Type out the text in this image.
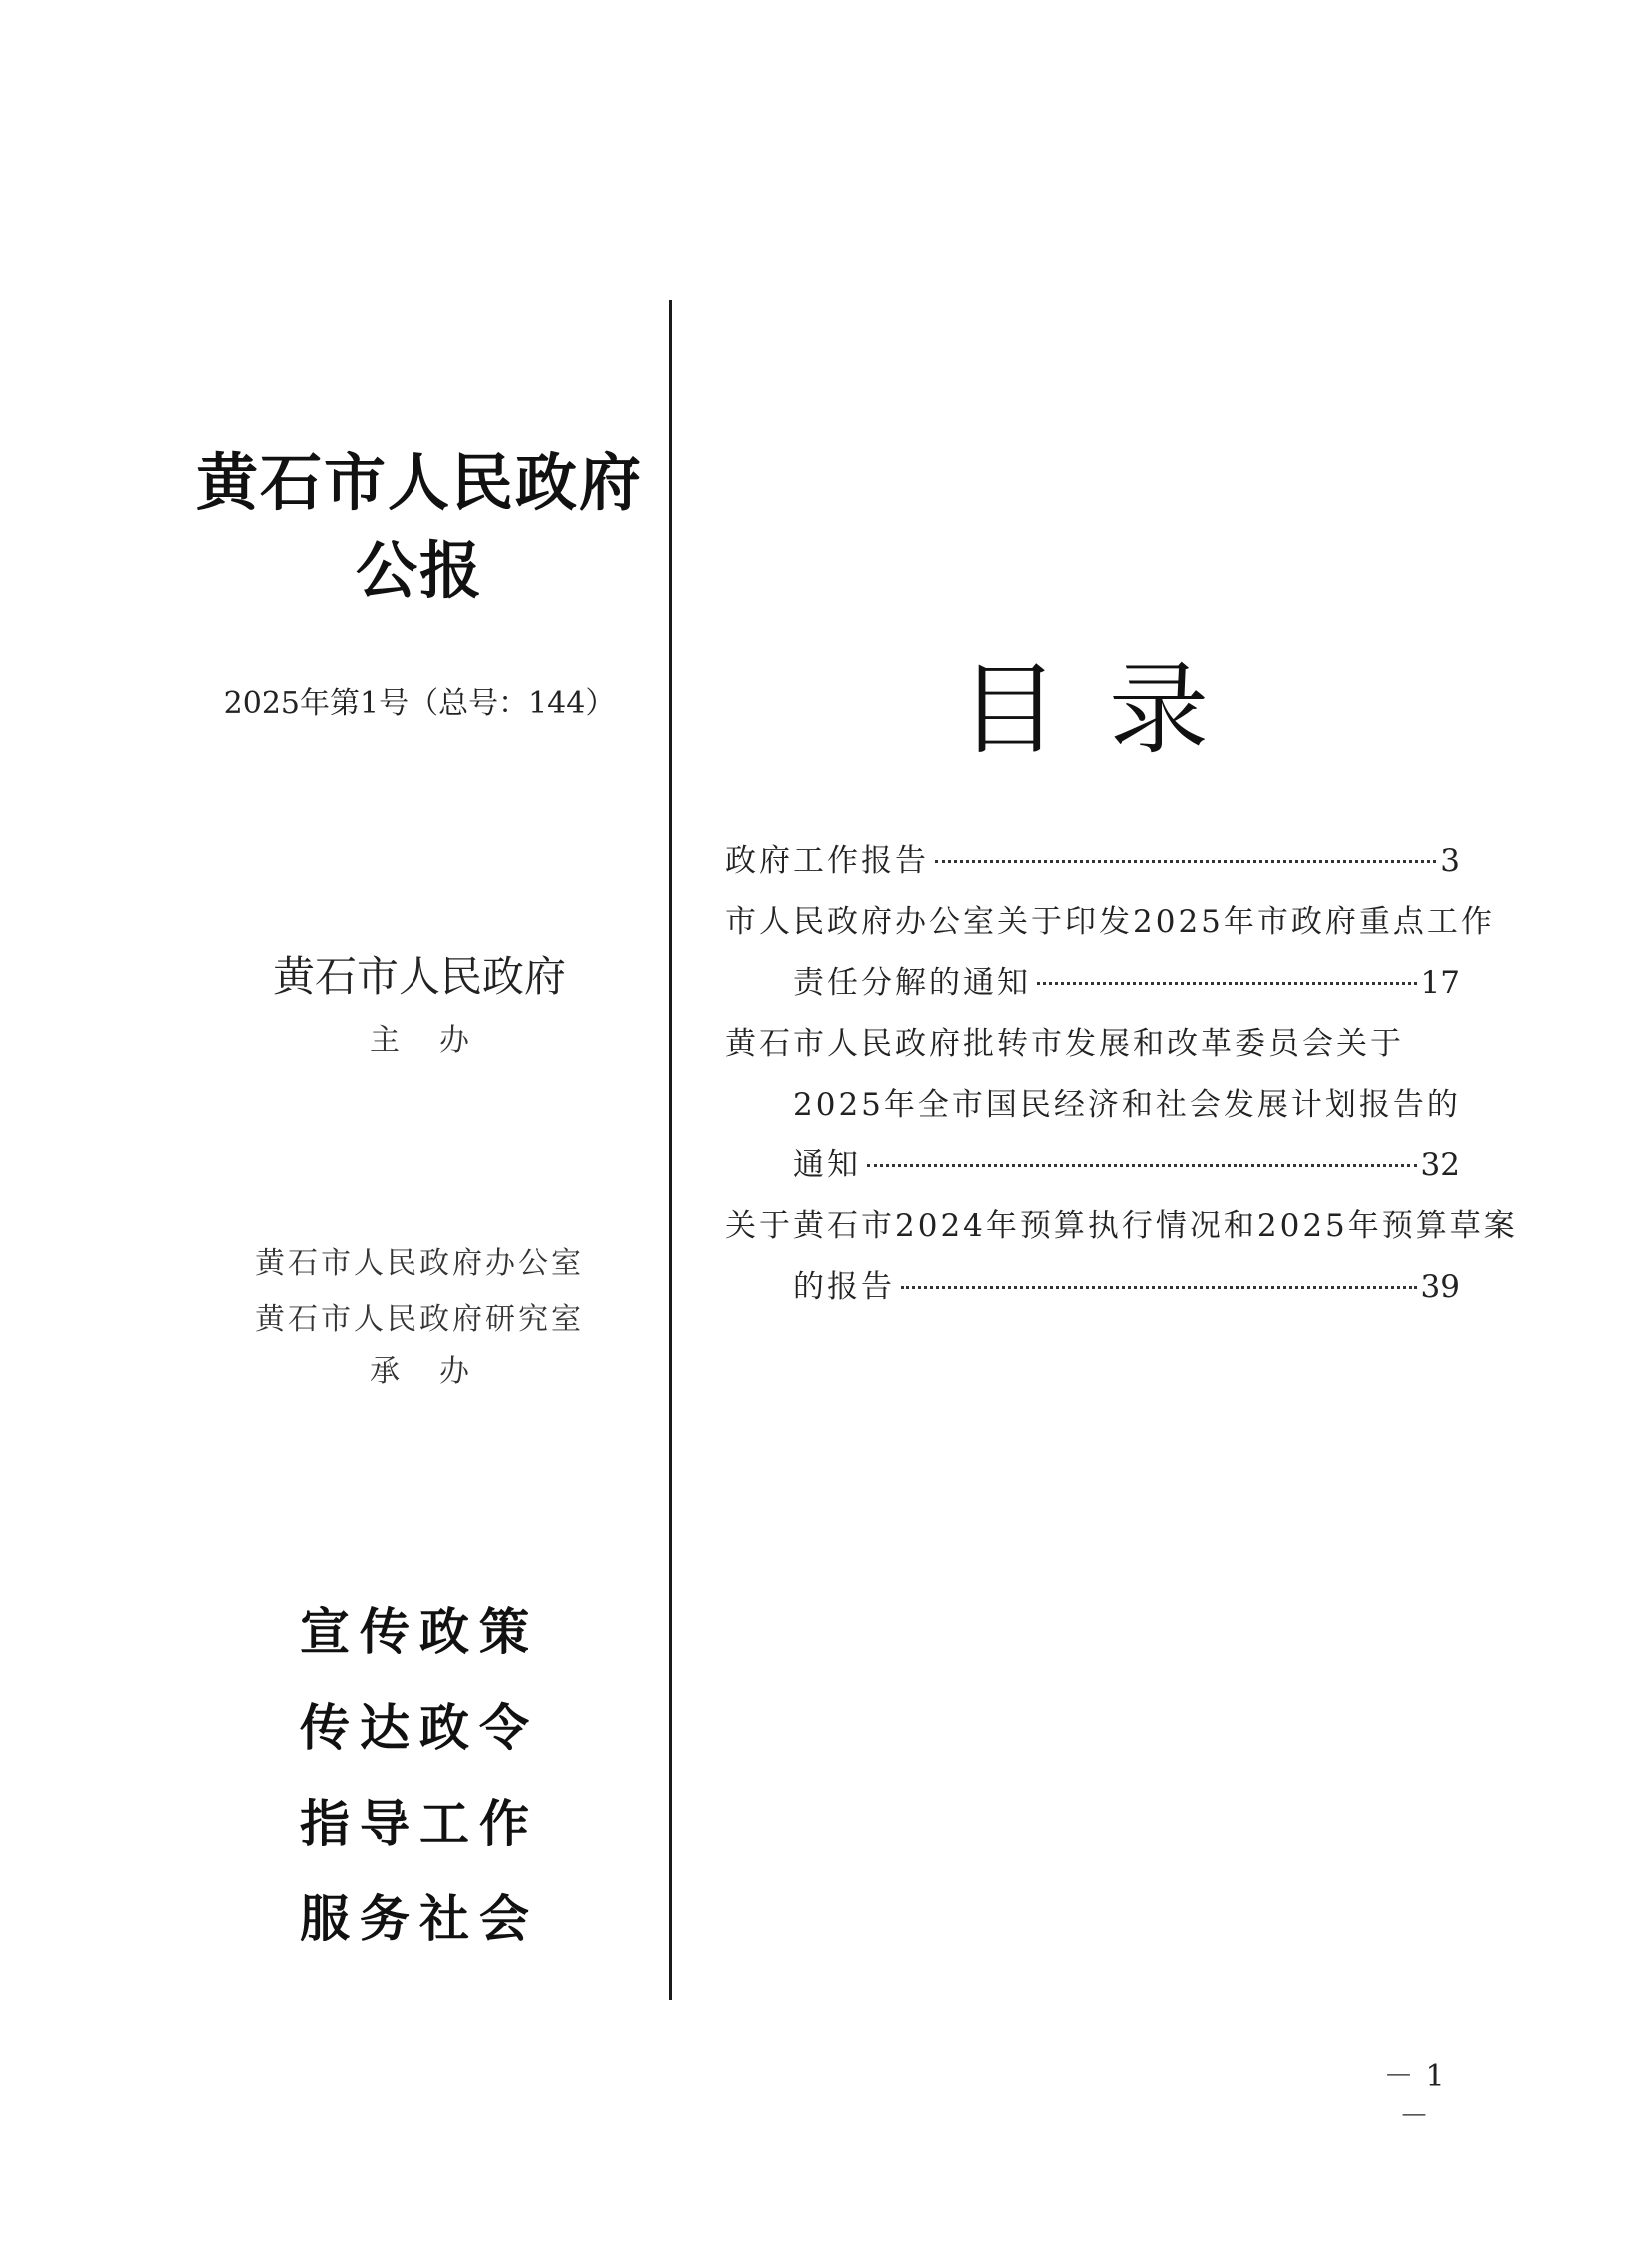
黄石市人民政府
公报
2025年第1号（总号：144）
黄石市人民政府
主办
黄石市人民政府办公室
黄石市人民政府研究室
承办
宣传政策
传达政令
指导工作
服务社会
目录
政府工作报告	3
市人民政府办公室关于印发2025年市政府重点工作
责任分解的通知	17
黄石市人民政府批转市发展和改革委员会关于
2025年全市国民经济和社会发展计划报告的
通知	32
关于黄石市2024年预算执行情况和2025年预算草案
的报告	39
－1－
